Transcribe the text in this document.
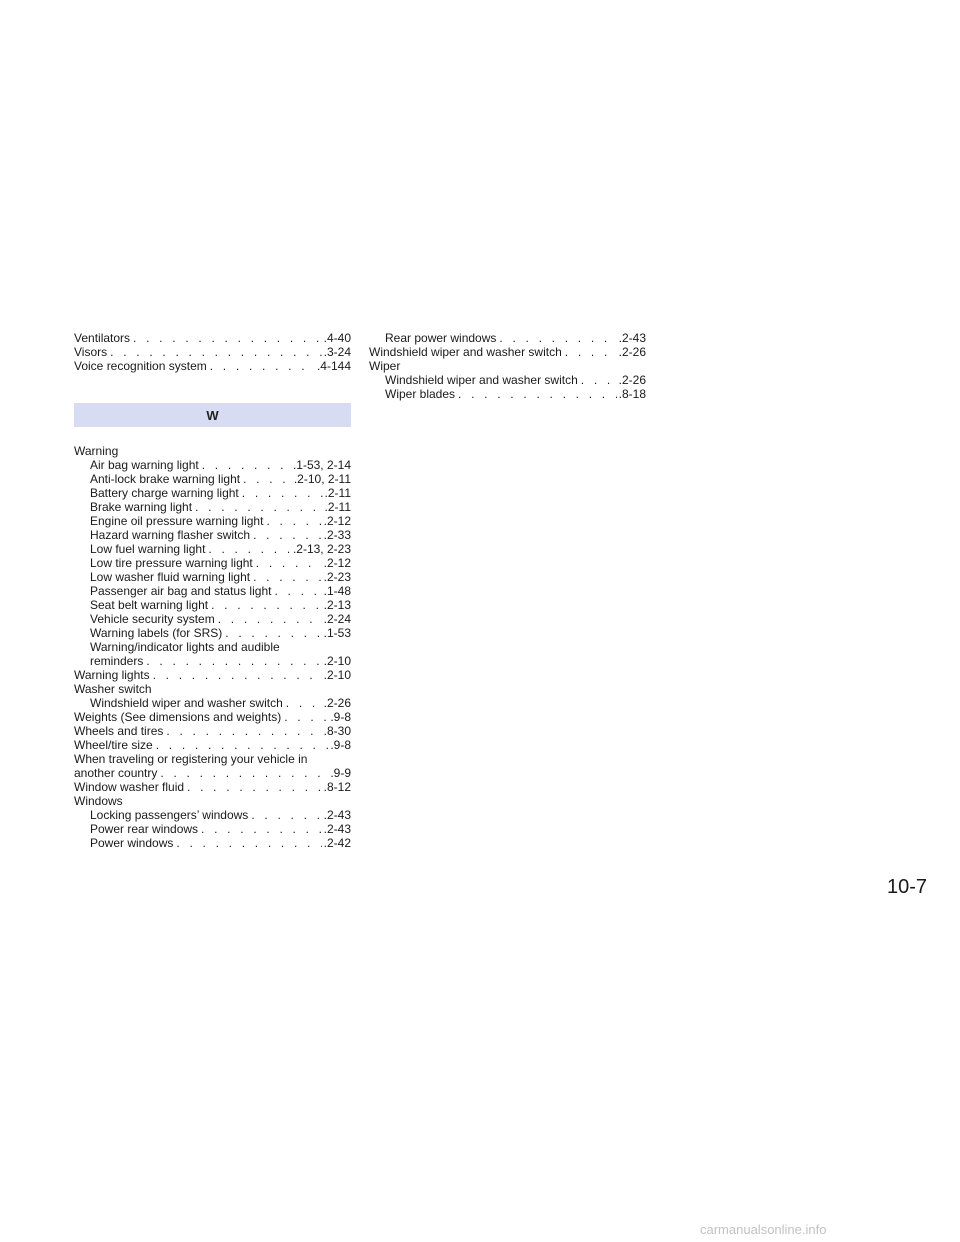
Ventilators . . .	.4-40
Visors . . .	.3-24
Voice recognition system . . .	.4-144
W
Warning
Air bag warning light . . .	.1-53, 2-14
Anti-lock brake warning light . . .	.2-10, 2-11
Battery charge warning light . . .	.2-11
Brake warning light . . .	.2-11
Engine oil pressure warning light . . .	.2-12
Hazard warning flasher switch . . .	.2-33
Low fuel warning light . . .	.2-13, 2-23
Low tire pressure warning light . . .	.2-12
Low washer fluid warning light . . .	.2-23
Passenger air bag and status light . . .	.1-48
Seat belt warning light . . .	.2-13
Vehicle security system . . .	.2-24
Warning labels (for SRS) . . .	.1-53
Warning/indicator lights and audible
reminders . . .	.2-10
Warning lights . . .	.2-10
Washer switch
Windshield wiper and washer switch . . .	.2-26
Weights (See dimensions and weights) . . .	.9-8
Wheels and tires . . .	.8-30
Wheel/tire size . . .	.9-8
When traveling or registering your vehicle in
another country . . .	.9-9
Window washer fluid . . .	.8-12
Windows
Locking passengers’ windows . . .	.2-43
Power rear windows . . .	.2-43
Power windows . . .	.2-42
Rear power windows . . .	.2-43
Windshield wiper and washer switch . . .	.2-26
Wiper
Windshield wiper and washer switch . . .	.2-26
Wiper blades . . .	.8-18
10-7
carmanualsonline.info
